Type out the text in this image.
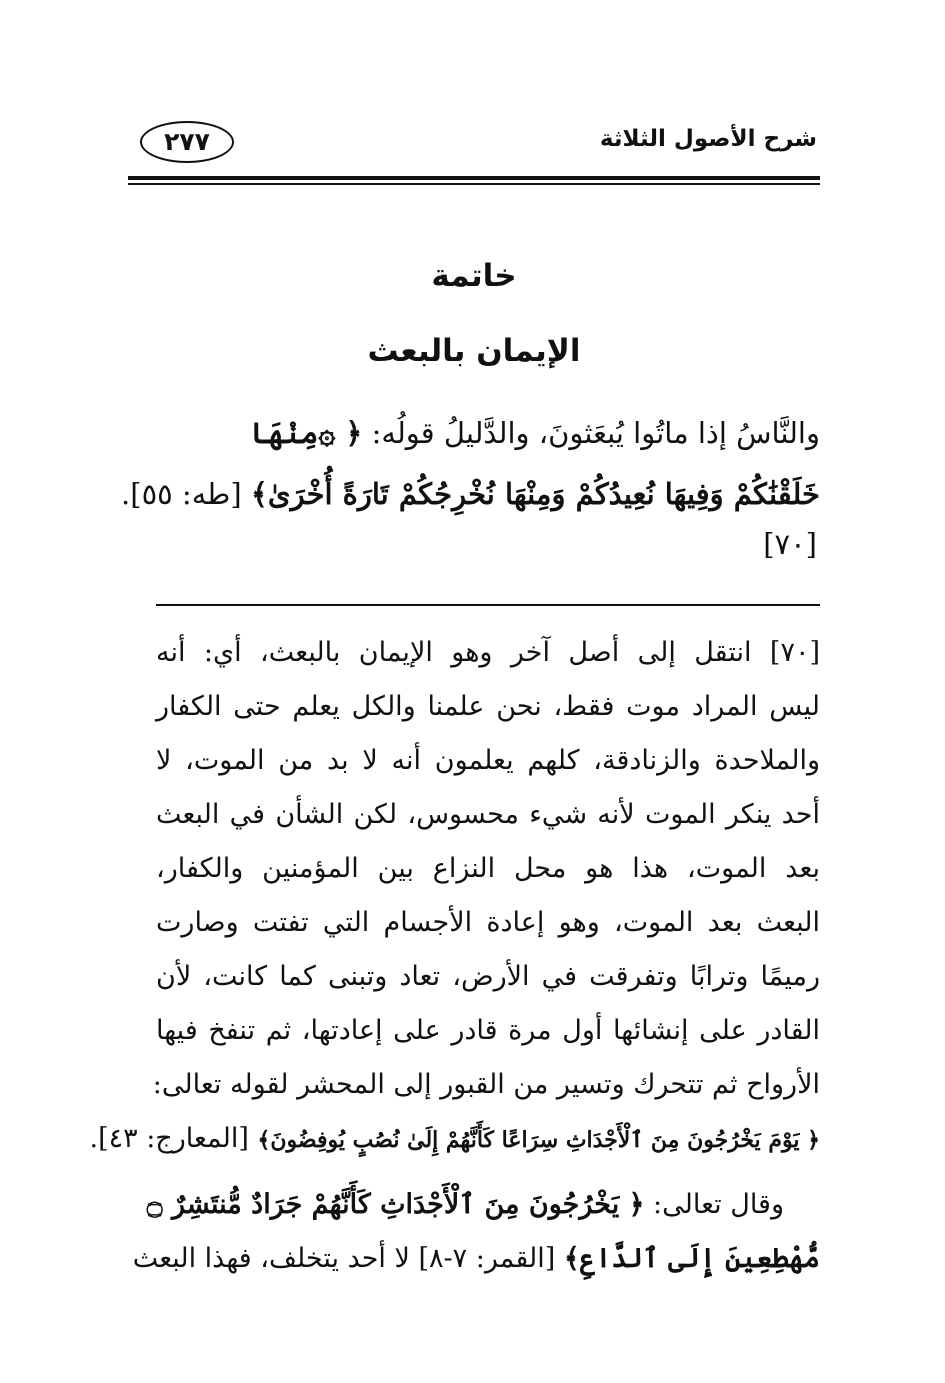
شرح الأصول الثلاثة
٢٧٧
خاتمة
الإيمان بالبعث
والنَّاسُ إذا ماتُوا يُبعَثونَ، والدَّليلُ قولُه: ﴿ ۞مِنْهَا
خَلَقْنَٰكُمْ وَفِيهَا نُعِيدُكُمْ وَمِنْهَا نُخْرِجُكُمْ تَارَةً أُخْرَىٰ﴾ [طه: ٥٥].
[٧٠]
[٧٠] انتقل إلى أصل آخر وهو الإيمان بالبعث، أي: أنه
ليس المراد موت فقط، نحن علمنا والكل يعلم حتى الكفار
والملاحدة والزنادقة، كلهم يعلمون أنه لا بد من الموت، لا
أحد ينكر الموت لأنه شيء محسوس، لكن الشأن في البعث
بعد الموت، هذا هو محل النزاع بين المؤمنين والكفار،
البعث بعد الموت، وهو إعادة الأجسام التي تفتت وصارت
رميمًا وترابًا وتفرقت في الأرض، تعاد وتبنى كما كانت، لأن
القادر على إنشائها أول مرة قادر على إعادتها، ثم تنفخ فيها
الأرواح ثم تتحرك وتسير من القبور إلى المحشر لقوله تعالى:
﴿ يَوْمَ يَخْرُجُونَ مِنَ ٱلْأَجْدَاثِ سِرَاعًا كَأَنَّهُمْ إِلَىٰ نُصُبٍ يُوفِضُونَ﴾ [المعارج: ٤٣].
وقال تعالى: ﴿ يَخْرُجُونَ مِنَ ٱلْأَجْدَاثِ كَأَنَّهُمْ جَرَادٌ مُّنتَشِرٌ ۝
مُّهْطِعِينَ إِلَى ٱلدَّاعِ﴾ [القمر: ٧-٨] لا أحد يتخلف، فهذا البعث
